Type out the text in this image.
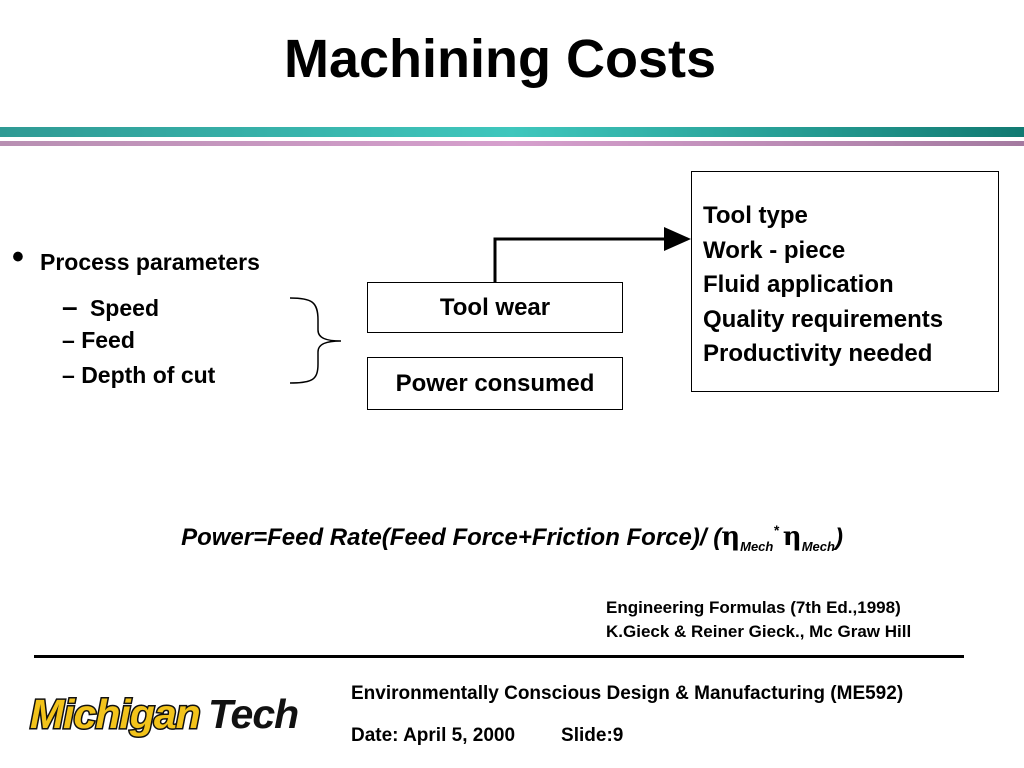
Machining Costs
• Process parameters
– Speed
– Feed
– Depth of cut
Tool wear
Power consumed
Tool type
Work - piece
Fluid application
Quality requirements
Productivity needed
Power=Feed Rate(Feed Force+Friction Force)/ ($\eta_{Mech}^*$ $\eta_{Mech}$)
Engineering Formulas (7th Ed.,1998)
K.Gieck & Reiner Gieck., Mc Graw Hill
Michigan Tech	Environmentally Conscious Design & Manufacturing (ME592)
Date: April 5, 2000 Slide:9
